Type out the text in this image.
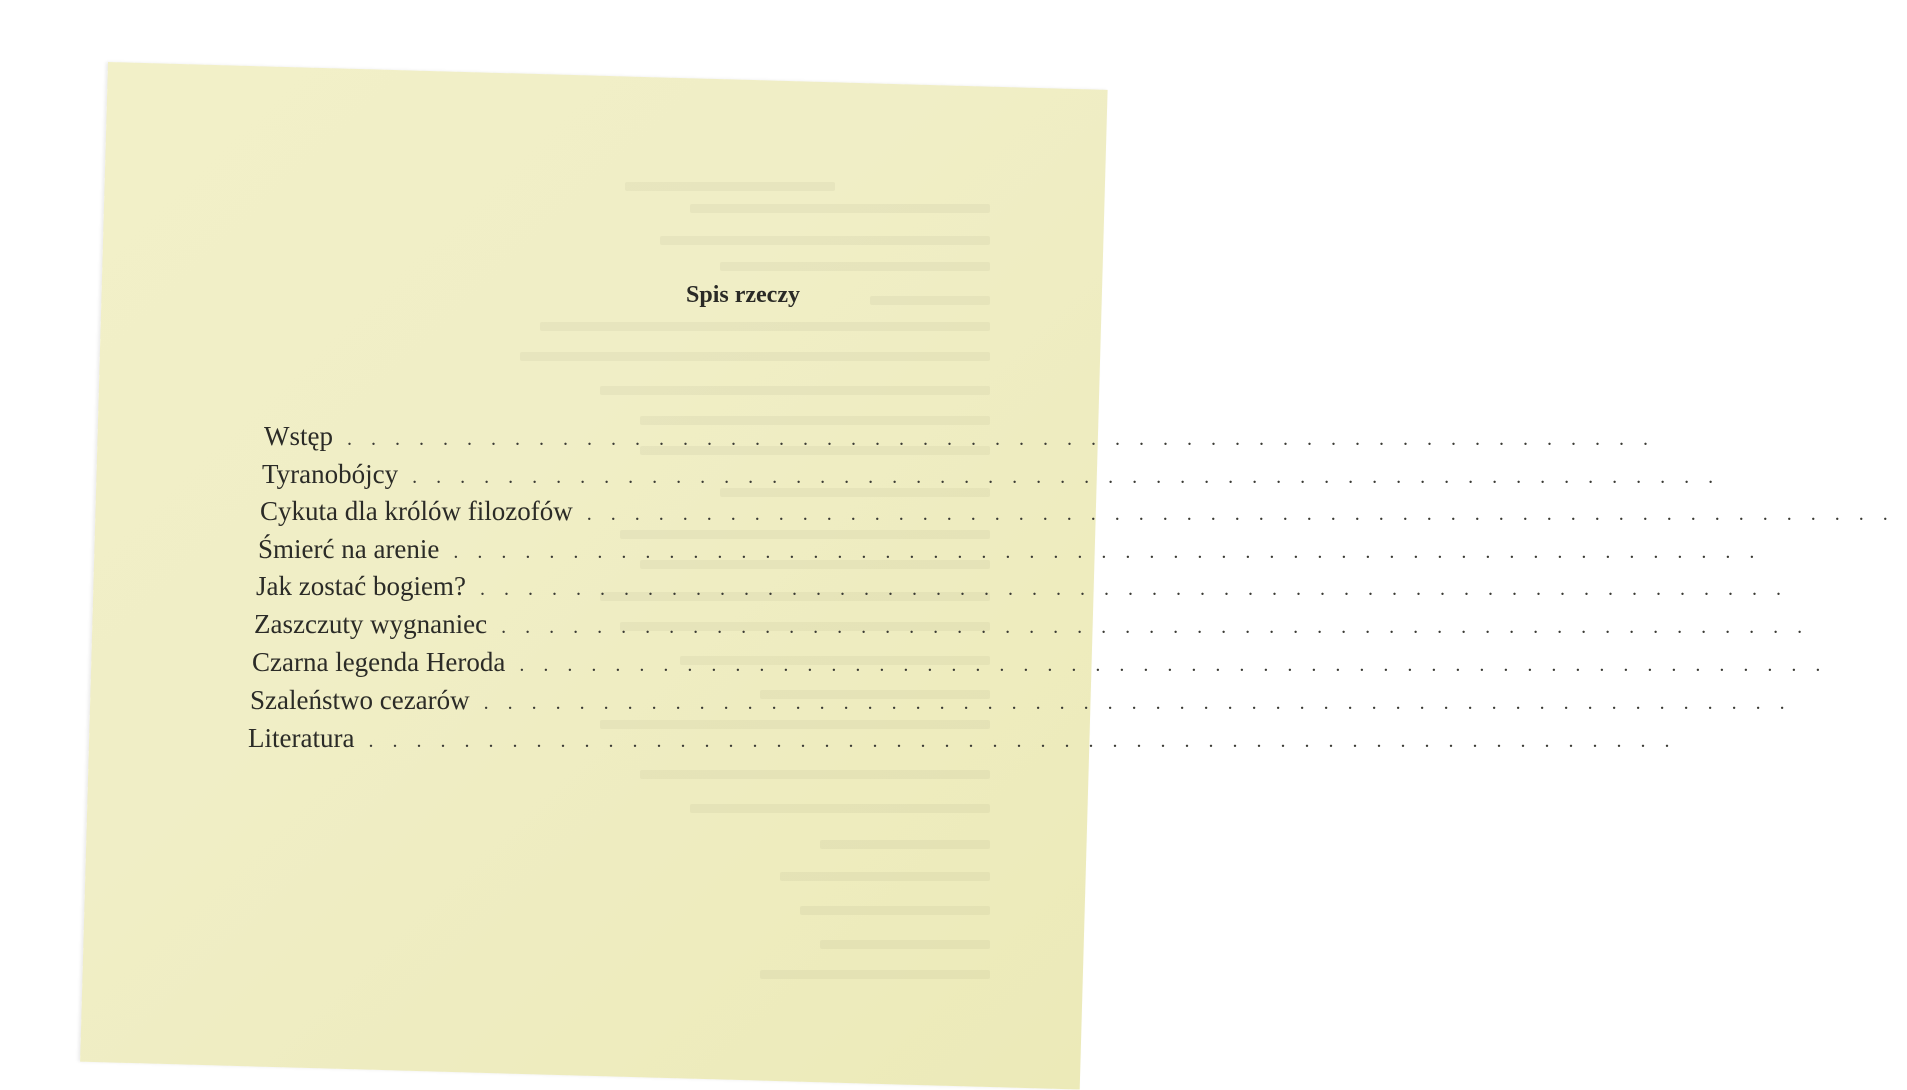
Spis rzeczy
Wstęp .......................................................
Tyranobójcy .......................................................
Cykuta dla królów filozofów .......................................................
Śmierć na arenie .......................................................
Jak zostać bogiem? .......................................................
Zaszczuty wygnaniec .......................................................
Czarna legenda Heroda .......................................................
Szaleństwo cezarów .......................................................
Literatura .......................................................
